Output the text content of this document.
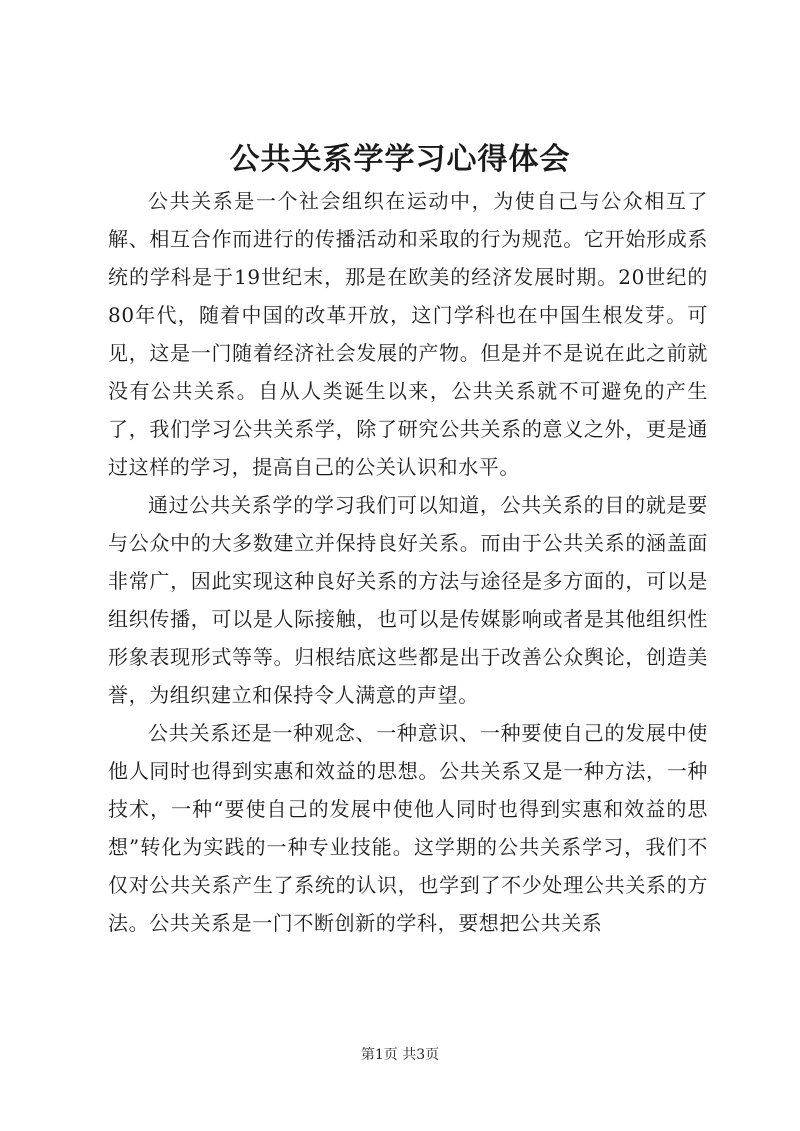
公共关系学学习心得体会

公共关系是一个社会组织在运动中，为使自己与公众相互了解、相互合作而进行的传播活动和采取的行为规范。它开始形成系统的学科是于19世纪末，那是在欧美的经济发展时期。20世纪的80年代，随着中国的改革开放，这门学科也在中国生根发芽。可见，这是一门随着经济社会发展的产物。但是并不是说在此之前就没有公共关系。自从人类诞生以来，公共关系就不可避免的产生了，我们学习公共关系学，除了研究公共关系的意义之外，更是通过这样的学习，提高自己的公关认识和水平。

通过公共关系学的学习我们可以知道，公共关系的目的就是要与公众中的大多数建立并保持良好关系。而由于公共关系的涵盖面非常广，因此实现这种良好关系的方法与途径是多方面的，可以是组织传播，可以是人际接触，也可以是传媒影响或者是其他组织性形象表现形式等等。归根结底这些都是出于改善公众舆论，创造美誉，为组织建立和保持令人满意的声望。

公共关系还是一种观念、一种意识、一种要使自己的发展中使他人同时也得到实惠和效益的思想。公共关系又是一种方法，一种技术，一种“要使自己的发展中使他人同时也得到实惠和效益的思想”转化为实践的一种专业技能。这学期的公共关系学习，我们不仅对公共关系产生了系统的认识，也学到了不少处理公共关系的方法。公共关系是一门不断创新的学科，要想把公共关系

第1页 共3页
